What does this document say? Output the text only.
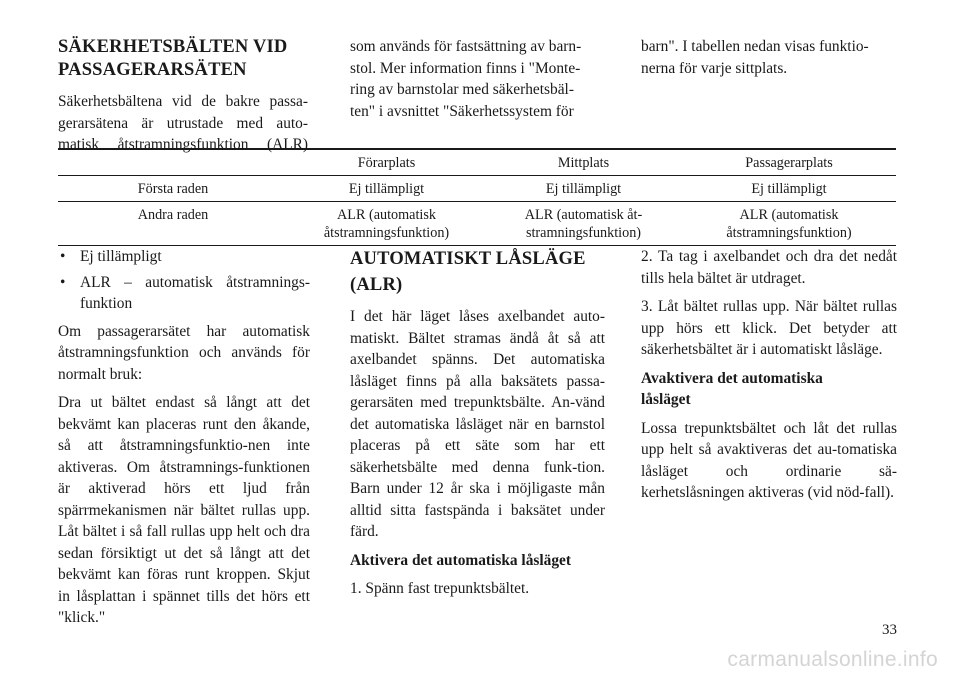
SÄKERHETSBÄLTEN VID
PASSAGERARSÄTEN
Säkerhetsbältena vid de bakre passa-
gerarsätena är utrustade med auto-
matisk åtstramningsfunktion (ALR)
som används för fastsättning av barn-
stol. Mer information finns i "Monte-
ring av barnstolar med säkerhetsbäl-
ten" i avsnittet "Säkerhetssystem för
barn". I tabellen nedan visas funktio-
nerna för varje sittplats.
	Förarplats	Mittplats	Passagerarplats
Första raden	Ej tillämpligt	Ej tillämpligt	Ej tillämpligt
Andra raden	ALR (automatisk
åtstramningsfunktion)	ALR (automatisk åt-
stramningsfunktion)	ALR (automatisk
åtstramningsfunktion)
• Ej tillämpligt
• ALR – automatisk åtstramnings-funktion

Om passagerarsätet har automatisk åtstramningsfunktion och används för normalt bruk:

Dra ut bältet endast så långt att det bekvämt kan placeras runt den åkande, så att åtstramningsfunktio-nen inte aktiveras. Om åtstramnings-funktionen är aktiverad hörs ett ljud från spärrmekanismen när bältet rullas upp. Låt bältet i så fall rullas upp helt och dra sedan försiktigt ut det så långt att det bekvämt kan föras runt kroppen. Skjut in låsplattan i spännet tills det hörs ett "klick."

AUTOMATISKT LÅSLÄGE
(ALR)

I det här läget låses axelbandet auto-matiskt. Bältet stramas ändå åt så att axelbandet spänns. Det automatiska låsläget finns på alla baksätets passa-gerarsäten med trepunktsbälte. An-vänd det automatiska låsläget när en barnstol placeras på ett säte som har ett säkerhetsbälte med denna funk-tion. Barn under 12 år ska i möjligaste mån alltid sitta fastspända i baksätet under färd.

Aktivera det automatiska låsläget

1. Spänn fast trepunktsbältet.

2. Ta tag i axelbandet och dra det nedåt tills hela bältet är utdraget.

3. Låt bältet rullas upp. När bältet rullas upp hörs ett klick. Det betyder att säkerhetsbältet är i automatiskt låsläge.

Avaktivera det automatiska
låsläget

Lossa trepunktsbältet och låt det rullas upp helt så avaktiveras det au-tomatiska låsläget och ordinarie sä-kerhetslåsningen aktiveras (vid nöd-fall).

33
carmanualsonline.info
